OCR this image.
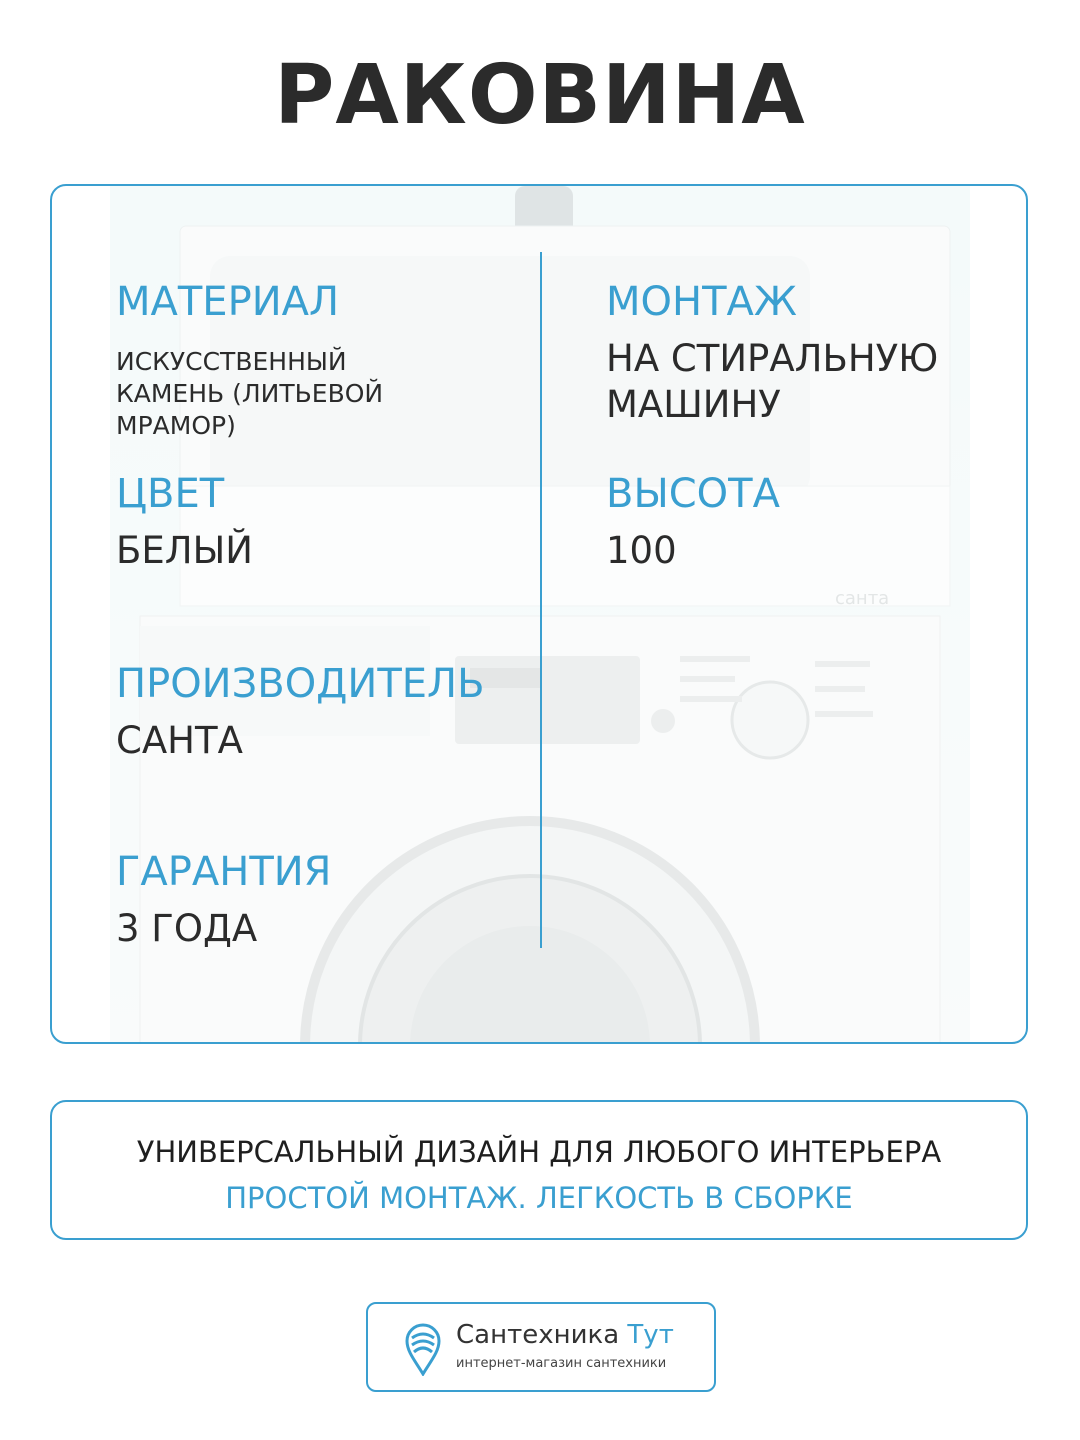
РАКОВИНА
МАТЕРИАЛ
ИСКУССТВЕННЫЙ КАМЕНЬ (ЛИТЬЕВОЙ МРАМОР)
МОНТАЖ
НА СТИРАЛЬНУЮ
МАШИНУ
ЦВЕТ
БЕЛЫЙ
ВЫСОТА
100
ПРОИЗВОДИТЕЛЬ
САНТА
ГАРАНТИЯ
3 ГОДА
УНИВЕРСАЛЬНЫЙ ДИЗАЙН ДЛЯ ЛЮБОГО ИНТЕРЬЕРА
ПРОСТОЙ МОНТАЖ. ЛЕГКОСТЬ В СБОРКЕ
Сантехника Тут
интернет-магазин сантехники
